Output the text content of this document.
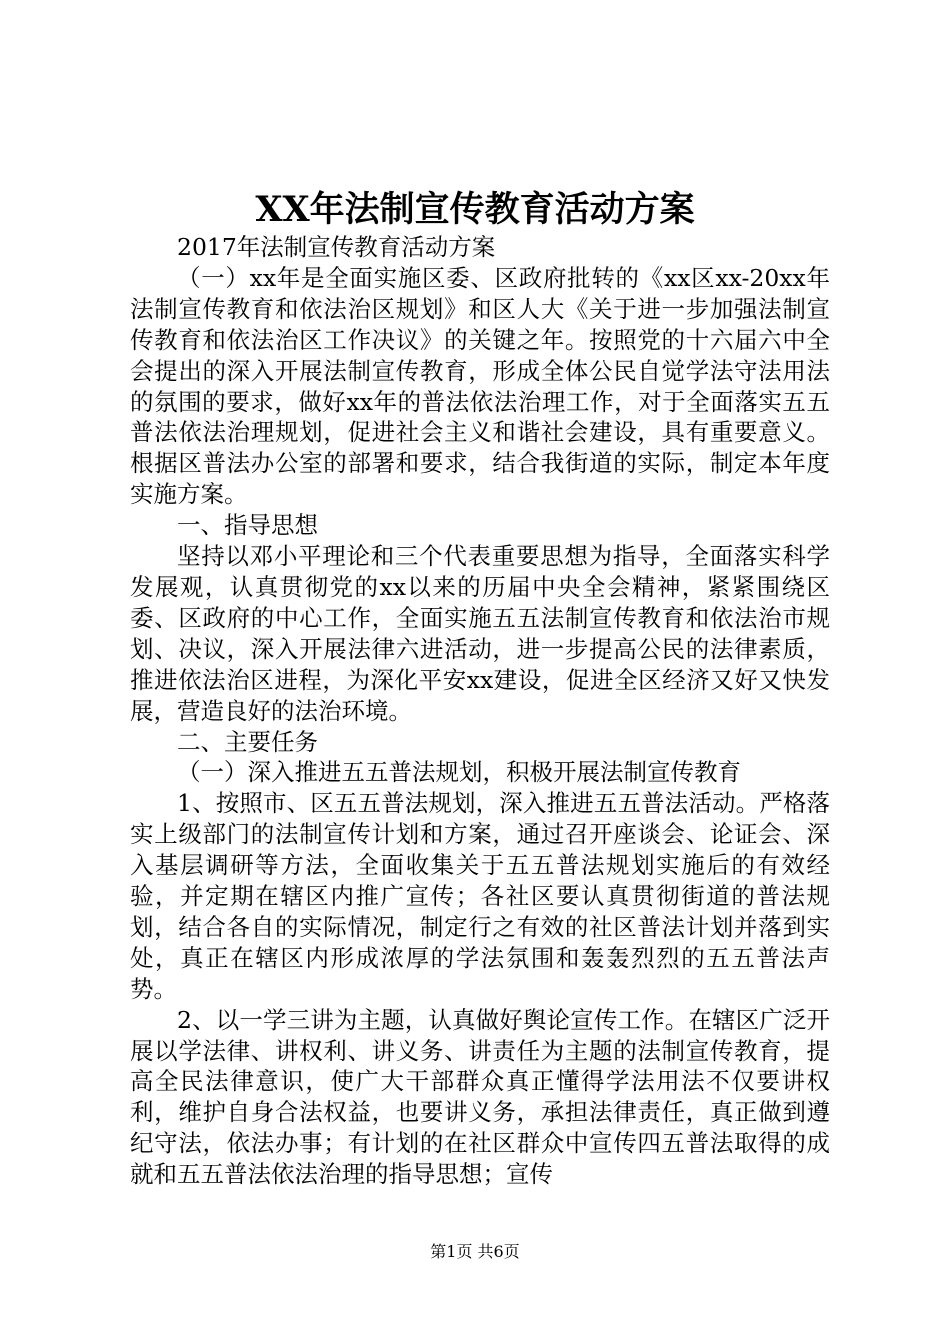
XX年法制宣传教育活动方案

2017年法制宣传教育活动方案

（一）xx年是全面实施区委、区政府批转的《xx区xx-20xx年法制宣传教育和依法治区规划》和区人大《关于进一步加强法制宣传教育和依法治区工作决议》的关键之年。按照党的十六届六中全会提出的深入开展法制宣传教育，形成全体公民自觉学法守法用法的氛围的要求，做好xx年的普法依法治理工作，对于全面落实五五普法依法治理规划，促进社会主义和谐社会建设，具有重要意义。根据区普法办公室的部署和要求，结合我街道的实际，制定本年度实施方案。

一、指导思想

坚持以邓小平理论和三个代表重要思想为指导，全面落实科学发展观，认真贯彻党的xx以来的历届中央全会精神，紧紧围绕区委、区政府的中心工作，全面实施五五法制宣传教育和依法治市规划、决议，深入开展法律六进活动，进一步提高公民的法律素质，推进依法治区进程，为深化平安xx建设，促进全区经济又好又快发展，营造良好的法治环境。

二、主要任务

（一）深入推进五五普法规划，积极开展法制宣传教育

1、按照市、区五五普法规划，深入推进五五普法活动。严格落实上级部门的法制宣传计划和方案，通过召开座谈会、论证会、深入基层调研等方法，全面收集关于五五普法规划实施后的有效经验，并定期在辖区内推广宣传；各社区要认真贯彻街道的普法规划，结合各自的实际情况，制定行之有效的社区普法计划并落到实处，真正在辖区内形成浓厚的学法氛围和轰轰烈烈的五五普法声势。

2、以一学三讲为主题，认真做好舆论宣传工作。在辖区广泛开展以学法律、讲权利、讲义务、讲责任为主题的法制宣传教育，提高全民法律意识，使广大干部群众真正懂得学法用法不仅要讲权利，维护自身合法权益，也要讲义务，承担法律责任，真正做到遵纪守法，依法办事；有计划的在社区群众中宣传四五普法取得的成就和五五普法依法治理的指导思想；宣传

第1页 共6页
